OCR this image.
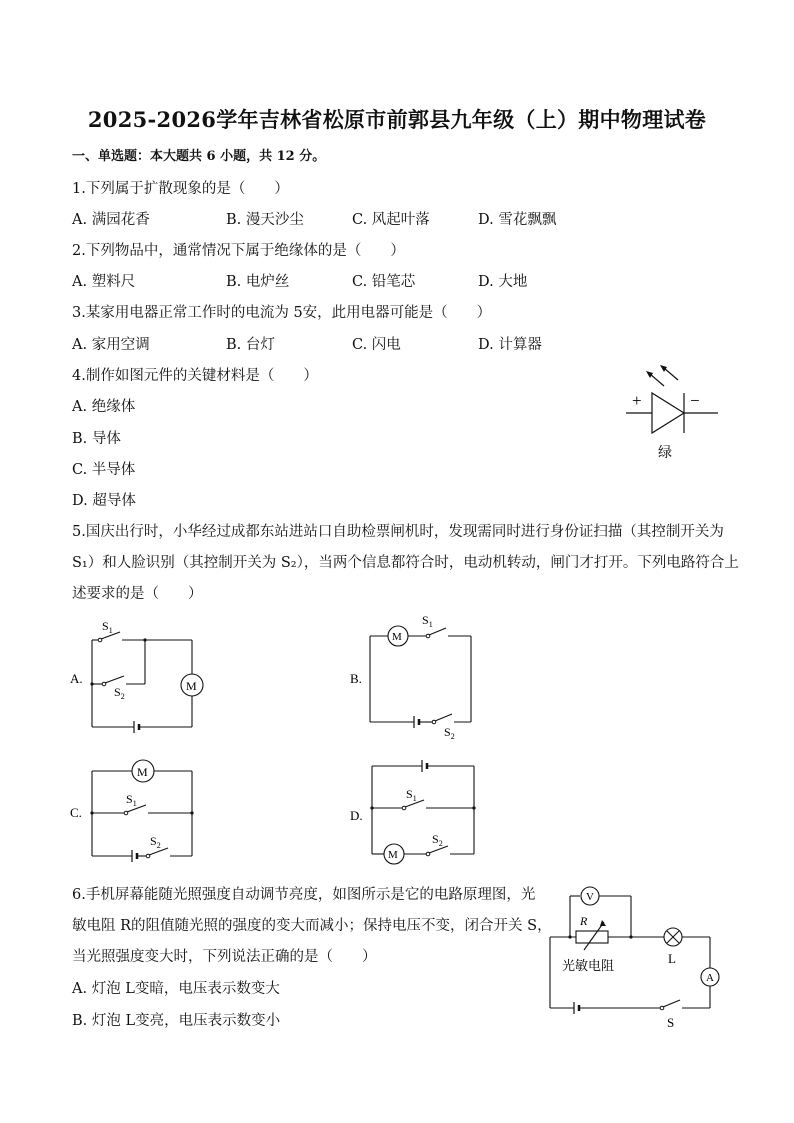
2025-2026学年吉林省松原市前郭县九年级（上）期中物理试卷
一、单选题：本大题共 6 小题，共 12 分。
1.下列属于扩散现象的是（　　）
A. 满园花香	B. 漫天沙尘	C. 风起叶落	D. 雪花飘飘
2.下列物品中，通常情况下属于绝缘体的是（　　）
A. 塑料尺	B. 电炉丝	C. 铅笔芯	D. 大地
3.某家用电器正常工作时的电流为 5安，此用电器可能是（　　）
A. 家用空调	B. 台灯	C. 闪电	D. 计算器
4.制作如图元件的关键材料是（　　）
A. 绝缘体
B. 导体
C. 半导体
D. 超导体
+	−
绿
5.国庆出行时，小华经过成都东站进站口自助检票闸机时，发现需同时进行身份证扫描（其控制开关为
S₁）和人脸识别（其控制开关为 S₂），当两个信息都符合时，电动机转动，闸门才打开。下列电路符合上
述要求的是（　　）
A.
$S_1$
$S_2$
M	B.
M
$S_1$
$S_2$
C.
M
$S_1$
$S_2$
D.
M
$S_1$
$S_2$
6.手机屏幕能随光照强度自动调节亮度，如图所示是它的电路原理图，光
敏电阻 R的阻值随光照的强度的变大而减小；保持电压不变，闭合开关 S，
当光照强度变大时，下列说法正确的是（　　）
A. 灯泡 L变暗，电压表示数变大
B. 灯泡 L变亮，电压表示数变小
V
A
R
光敏电阻	L
S
